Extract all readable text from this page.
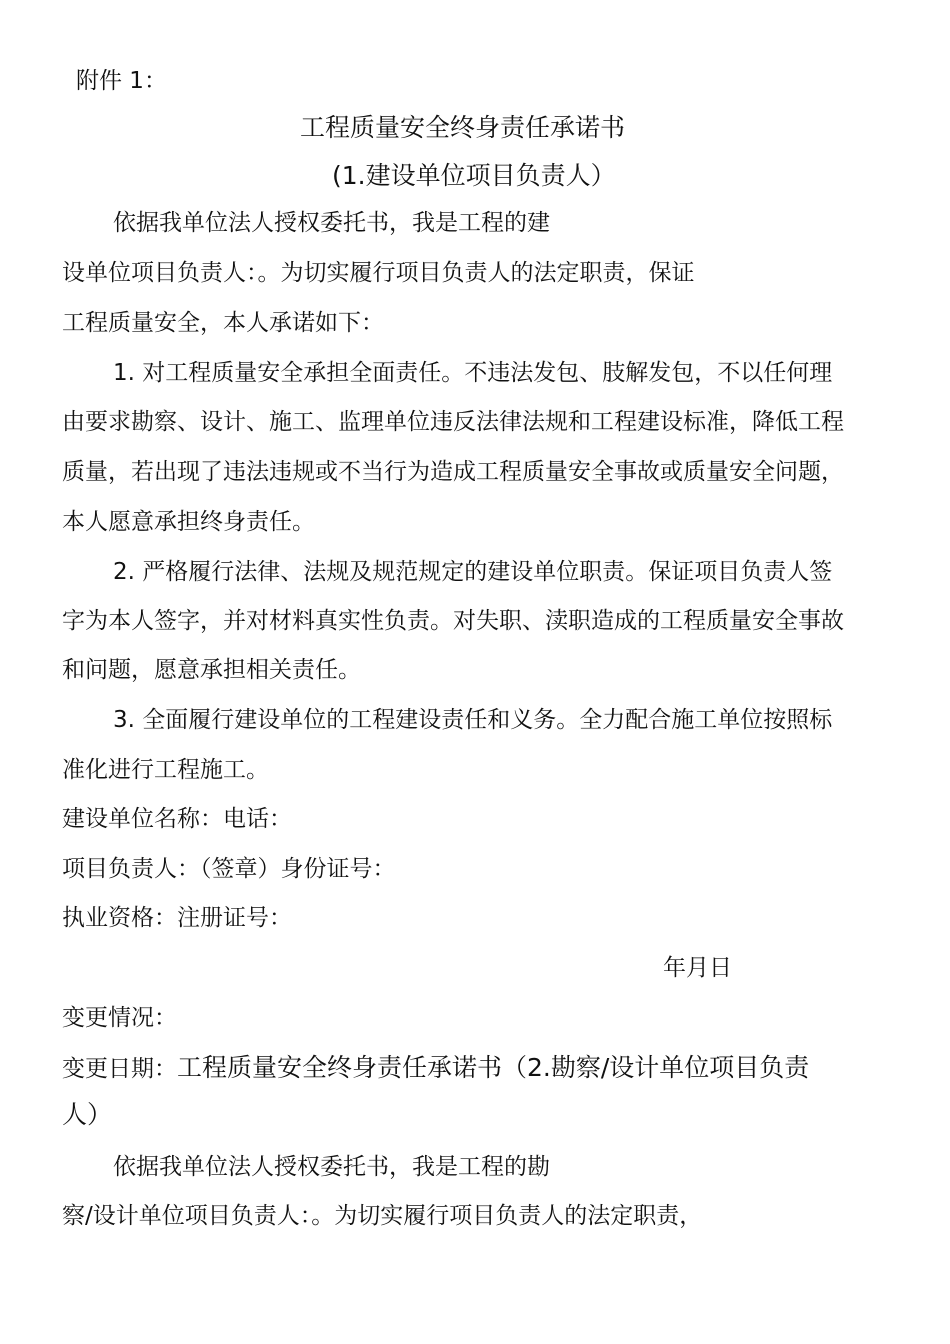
附件 1：
工程质量安全终身责任承诺书
(1.建设单位项目负责人）
依据我单位法人授权委托书，我是工程的建
设单位项目负责人：。为切实履行项目负责人的法定职责，保证
工程质量安全，本人承诺如下：
1. 对工程质量安全承担全面责任。不违法发包、肢解发包，不以任何理
由要求勘察、设计、施工、监理单位违反法律法规和工程建设标准，降低工程
质量，若出现了违法违规或不当行为造成工程质量安全事故或质量安全问题，
本人愿意承担终身责任。
2. 严格履行法律、法规及规范规定的建设单位职责。保证项目负责人签
字为本人签字，并对材料真实性负责。对失职、渎职造成的工程质量安全事故
和问题，愿意承担相关责任。
3. 全面履行建设单位的工程建设责任和义务。全力配合施工单位按照标
准化进行工程施工。
建设单位名称：电话：
项目负责人：（签章）身份证号：
执业资格：注册证号：
年月日
变更情况：
变更日期：工程质量安全终身责任承诺书（2.勘察/设计单位项目负责
人）
依据我单位法人授权委托书，我是工程的勘
察/设计单位项目负责人：。为切实履行项目负责人的法定职责，
